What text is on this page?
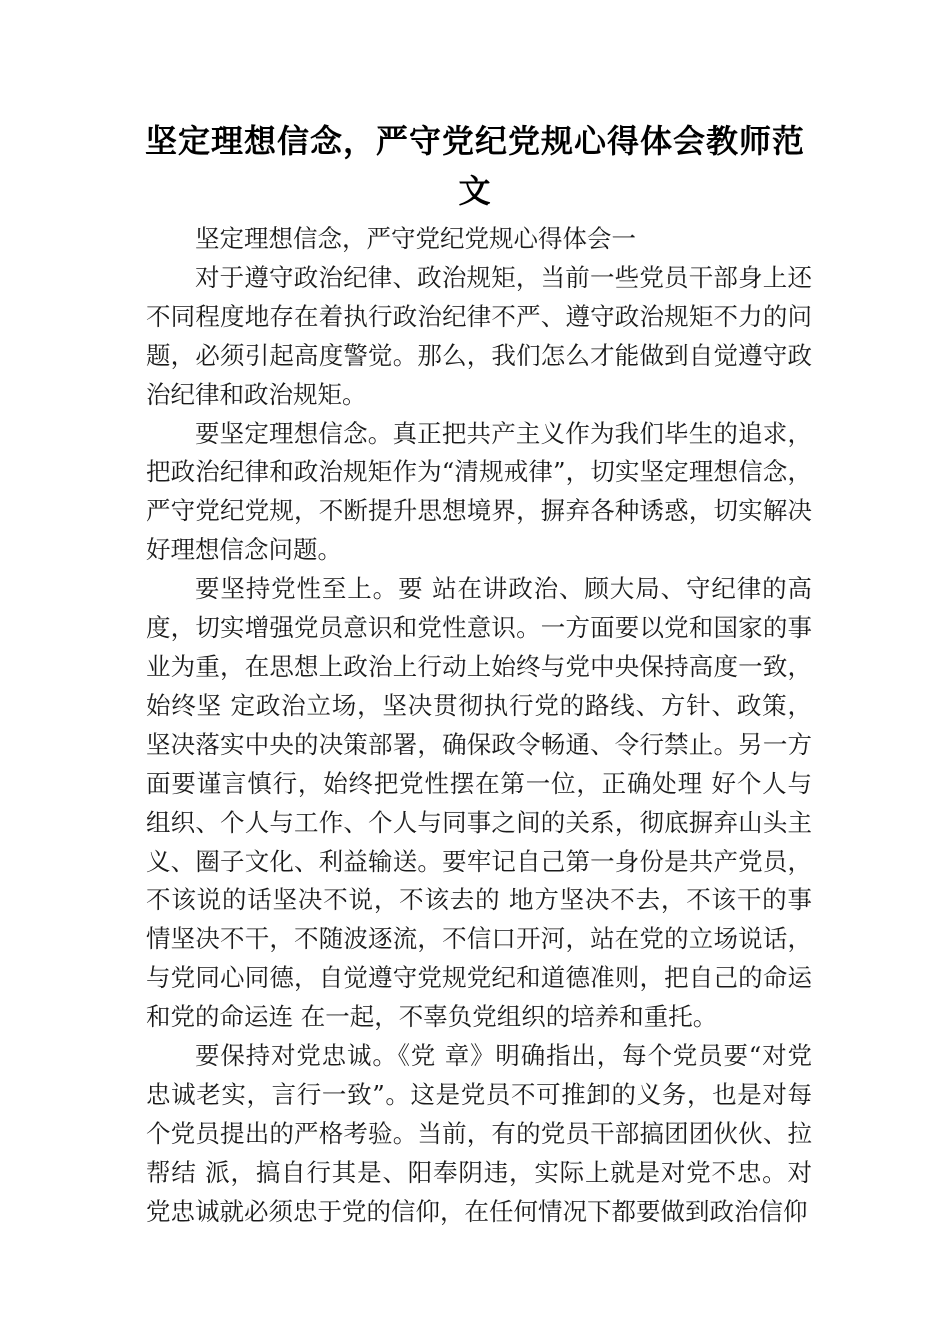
坚定理想信念，严守党纪党规心得体会教师范文

坚定理想信念，严守党纪党规心得体会一

对于遵守政治纪律、政治规矩，当前一些党员干部身上还不同程度地存在着执行政治纪律不严、遵守政治规矩不力的问题，必须引起高度警觉。那么，我们怎么才能做到自觉遵守政治纪律和政治规矩。

要坚定理想信念。真正把共产主义作为我们毕生的追求，把政治纪律和政治规矩作为“清规戒律”，切实坚定理想信念，严守党纪党规，不断提升思想境界，摒弃各种诱惑，切实解决好理想信念问题。

要坚持党性至上。要 站在讲政治、顾大局、守纪律的高度，切实增强党员意识和党性意识。一方面要以党和国家的事业为重，在思想上政治上行动上始终与党中央保持高度一致，始终坚 定政治立场，坚决贯彻执行党的路线、方针、政策，坚决落实中央的决策部署，确保政令畅通、令行禁止。另一方面要谨言慎行，始终把党性摆在第一位，正确处理 好个人与组织、个人与工作、个人与同事之间的关系，彻底摒弃山头主义、圈子文化、利益输送。要牢记自己第一身份是共产党员，不该说的话坚决不说，不该去的 地方坚决不去，不该干的事情坚决不干，不随波逐流，不信口开河，站在党的立场说话，与党同心同德，自觉遵守党规党纪和道德准则，把自己的命运和党的命运连 在一起，不辜负党组织的培养和重托。

要保持对党忠诚。《党 章》明确指出，每个党员要“对党忠诚老实，言行一致”。这是党员不可推卸的义务，也是对每个党员提出的严格考验。当前，有的党员干部搞团团伙伙、拉帮结 派，搞自行其是、阳奉阴违，实际上就是对党不忠。对党忠诚就必须忠于党的信仰，在任何情况下都要做到政治信仰
